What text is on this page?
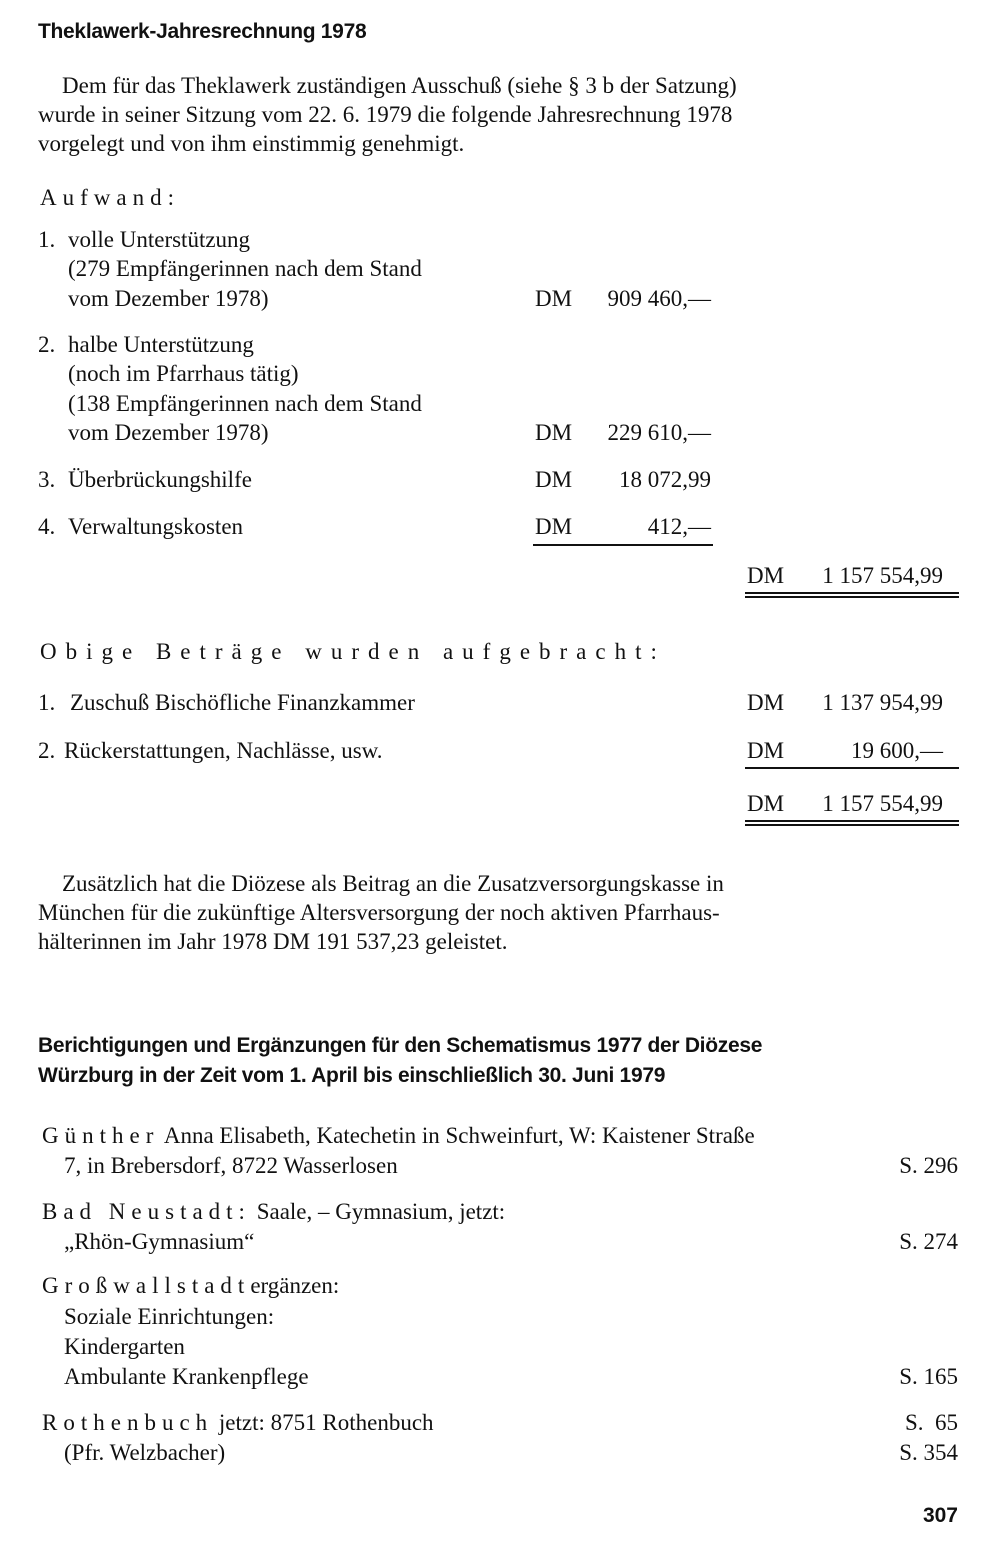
Theklawerk-Jahresrechnung 1978
Dem für das Theklawerk zuständigen Ausschuß (siehe § 3 b der Satzung)
wurde in seiner Sitzung vom 22. 6. 1979 die folgende Jahresrechnung 1978
vorgelegt und von ihm einstimmig genehmigt.
Aufwand:
1. volle Unterstützung
(279 Empfängerinnen nach dem Stand
vom Dezember 1978)	DM 909 460,—
2. halbe Unterstützung
(noch im Pfarrhaus tätig)
(138 Empfängerinnen nach dem Stand
vom Dezember 1978)	DM 229 610,—
3. Überbrückungshilfe	DM 18 072,99
4. Verwaltungskosten	DM	412,—
DM 1 157 554,99
Obige Beträge wurden aufgebracht:
1. Zuschuß Bischöfliche Finanzkammer	DM 1 137 954,99
2. Rückerstattungen, Nachlässe, usw.	DM	19 600,—
DM 1 157 554,99
Zusätzlich hat die Diözese als Beitrag an die Zusatzversorgungskasse in
München für die zukünftige Altersversorgung der noch aktiven Pfarrhaus-
hälterinnen im Jahr 1978 DM 191 537,23 geleistet.
Berichtigungen und Ergänzungen für den Schematismus 1977 der Diözese
Würzburg in der Zeit vom 1. April bis einschließlich 30. Juni 1979
Günther Anna Elisabeth, Katechetin in Schweinfurt, W: Kaistener Straße
7, in Brebersdorf, 8722 Wasserlosen	S. 296
Bad Neustadt: Saale, – Gymnasium, jetzt:
„Rhön-Gymnasium“	S. 274
Großwallstadtergänzen:
Soziale Einrichtungen:
Kindergarten
Ambulante Krankenpflege	S. 165
Rothenbuch jetzt: 8751 Rothenbuch	S.  65
(Pfr. Welzbacher)	S. 354
307
